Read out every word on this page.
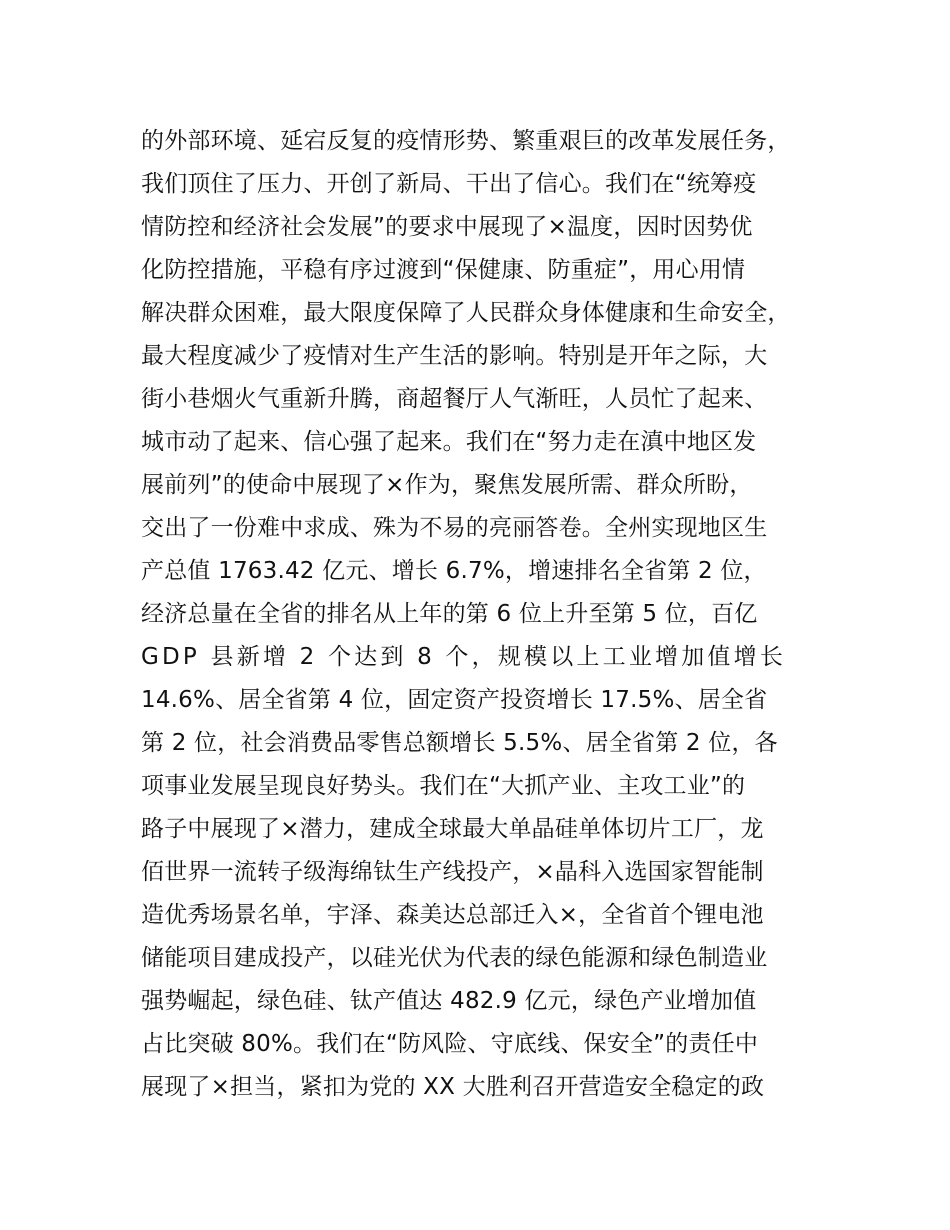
的外部环境、延宕反复的疫情形势、繁重艰巨的改革发展任务，
我们顶住了压力、开创了新局、干出了信心。我们在“统筹疫
情防控和经济社会发展”的要求中展现了×温度，因时因势优
化防控措施，平稳有序过渡到“保健康、防重症”，用心用情
解决群众困难，最大限度保障了人民群众身体健康和生命安全，
最大程度减少了疫情对生产生活的影响。特别是开年之际，大
街小巷烟火气重新升腾，商超餐厅人气渐旺，人员忙了起来、
城市动了起来、信心强了起来。我们在“努力走在滇中地区发
展前列”的使命中展现了×作为，聚焦发展所需、群众所盼，
交出了一份难中求成、殊为不易的亮丽答卷。全州实现地区生
产总值 1763.42 亿元、增长 6.7%，增速排名全省第 2 位，
经济总量在全省的排名从上年的第 6 位上升至第 5 位，百亿
GDP 县新增 2 个达到 8 个，规模以上工业增加值增长
14.6%、居全省第 4 位，固定资产投资增长 17.5%、居全省
第 2 位，社会消费品零售总额增长 5.5%、居全省第 2 位，各
项事业发展呈现良好势头。我们在“大抓产业、主攻工业”的
路子中展现了×潜力，建成全球最大单晶硅单体切片工厂，龙
佰世界一流转子级海绵钛生产线投产，×晶科入选国家智能制
造优秀场景名单，宇泽、森美达总部迁入×，全省首个锂电池
储能项目建成投产，以硅光伏为代表的绿色能源和绿色制造业
强势崛起，绿色硅、钛产值达 482.9 亿元，绿色产业增加值
占比突破 80%。我们在“防风险、守底线、保安全”的责任中
展现了×担当，紧扣为党的 XX 大胜利召开营造安全稳定的政
